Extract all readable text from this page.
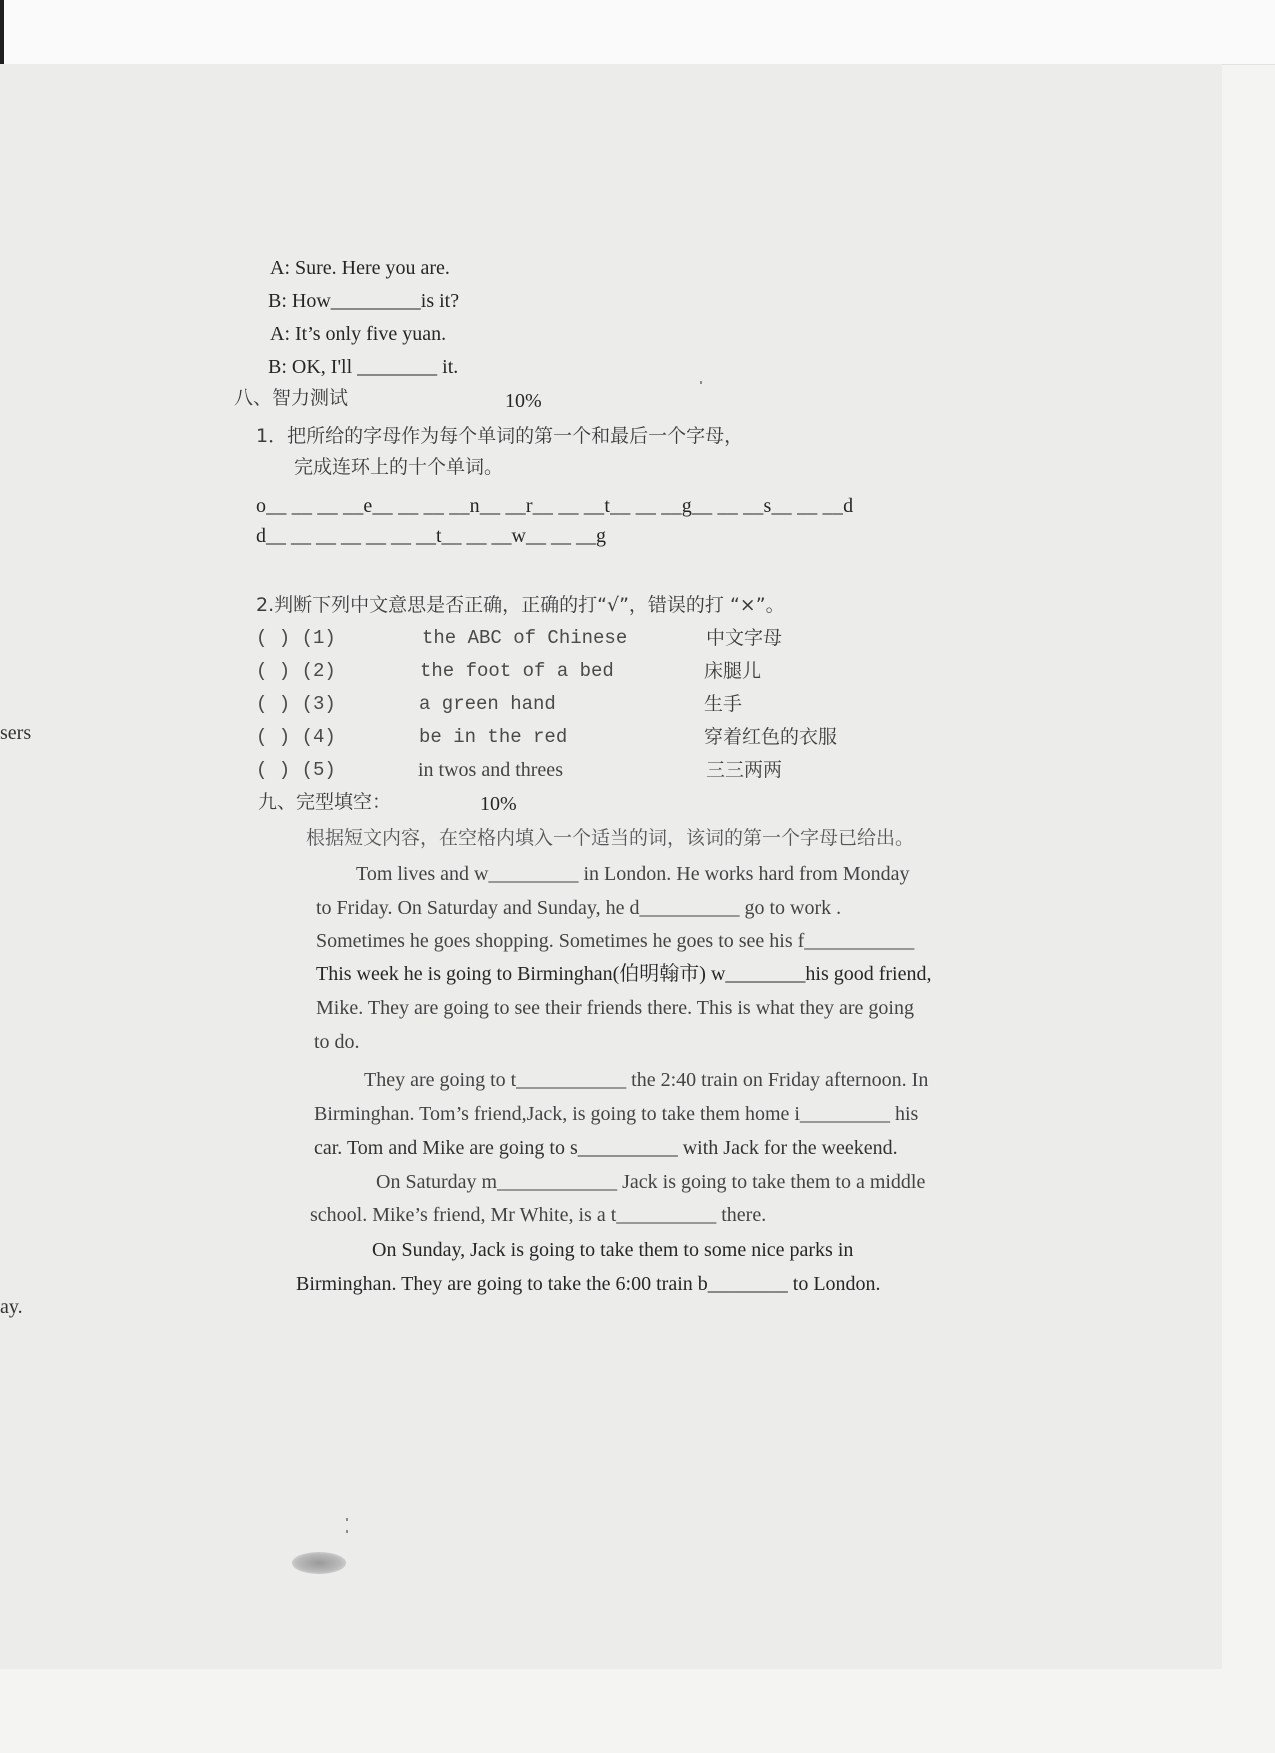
A: Sure. Here you are.
B: How_________is it?
A: It’s only five yuan.
B: OK, I'll ________ it.
八、智力测试	10%
1．把所给的字母作为每个单词的第一个和最后一个字母，
完成连环上的十个单词。
o__ __ __ __e__ __ __ __n__ __r__ __ __t__ __ __g__ __ __s__ __ __d
d__ __ __ __ __ __ __t__ __ __w__ __ __g
2.判断下列中文意思是否正确，正确的打“√”，错误的打 “×”。
( ) (1)	the ABC of Chinese	中文字母
( ) (2)	the foot of a bed	床腿儿
( ) (3)	a green hand	生手
( ) (4)	be in the red	穿着红色的衣服
( ) (5)	in twos and threes	三三两两
九、完型填空：	10%
根据短文内容，在空格内填入一个适当的词，该词的第一个字母已给出。
Tom lives and w_________ in London. He works hard from Monday
to Friday. On Saturday and Sunday, he d__________ go to work .
Sometimes he goes shopping. Sometimes he goes to see his f___________
This week he is going to Birminghan(伯明翰市) w________his good friend,
Mike. They are going to see their friends there. This is what they are going
to do.
They are going to t___________ the 2:40 train on Friday afternoon. In
Birminghan. Tom’s friend,Jack, is going to take them home i_________ his
car. Tom and Mike are going to s__________ with Jack for the weekend.
On Saturday m____________ Jack is going to take them to a middle
school. Mike’s friend, Mr White, is a t__________ there.
On Sunday, Jack is going to take them to some nice parks in
Birminghan. They are going to take the 6:00 train b________ to London.
sers
ay.
